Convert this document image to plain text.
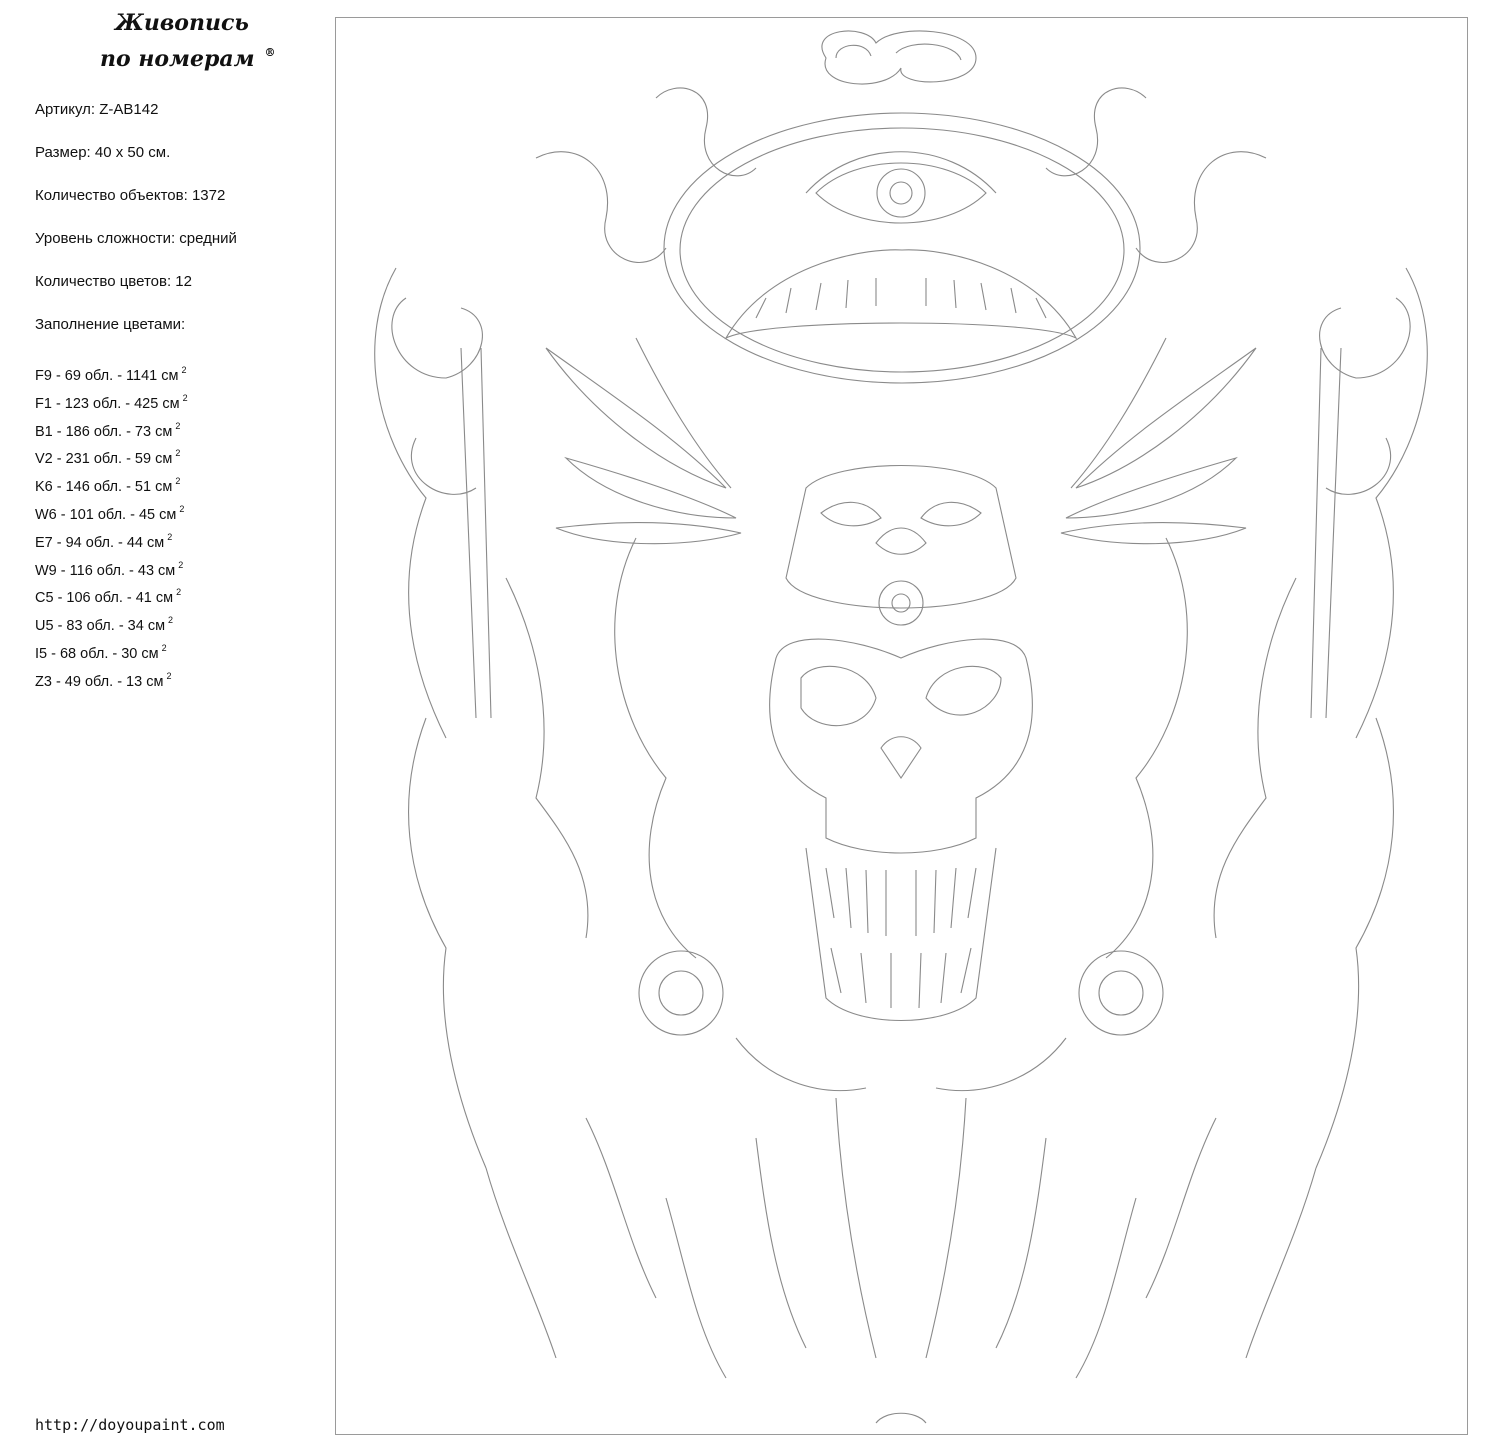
Живопись
по номерам ®
Артикул: Z-AB142
Размер: 40 x 50 см.
Количество объектов: 1372
Уровень сложности: средний
Количество цветов: 12
Заполнение цветами:
F9 - 69 обл. - 1141 см $^2$
F1 - 123 обл. - 425 см $^2$
B1 - 186 обл. - 73 см $^2$
V2 - 231 обл. - 59 см $^2$
K6 - 146 обл. - 51 см $^2$
W6 - 101 обл. - 45 см $^2$
E7 - 94 обл. - 44 см $^2$
W9 - 116 обл. - 43 см $^2$
C5 - 106 обл. - 41 см $^2$
U5 - 83 обл. - 34 см $^2$
I5 - 68 обл. - 30 см $^2$
Z3 - 49 обл. - 13 см $^2$
http://doyoupaint.com
